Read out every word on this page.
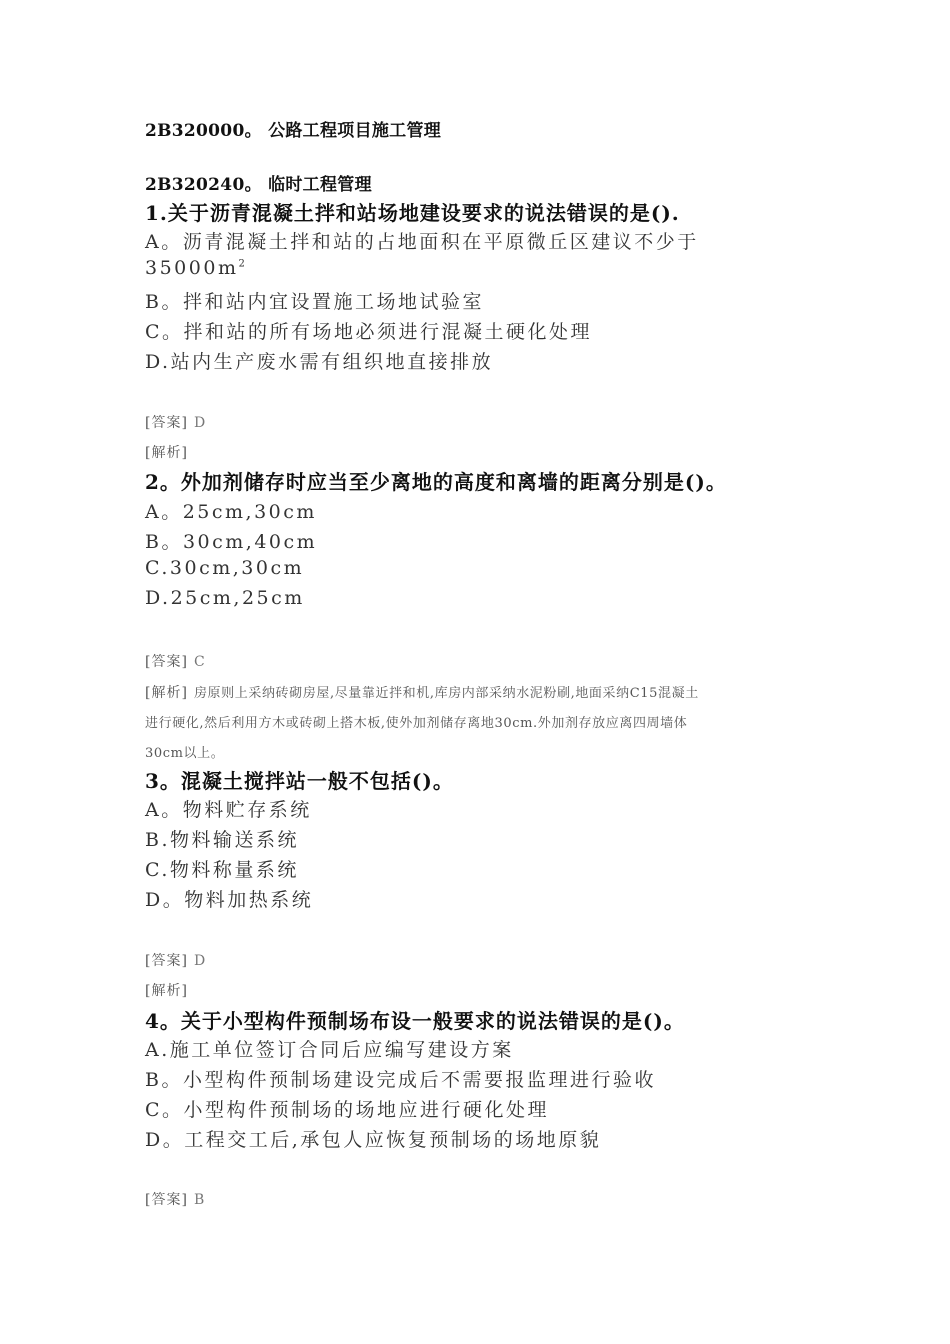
2B320000。 公路工程项目施工管理
2B320240。 临时工程管理
1.关于沥青混凝土拌和站场地建设要求的说法错误的是().
A。沥青混凝土拌和站的占地面积在平原微丘区建议不少于
$35000m^2$
B。拌和站内宜设置施工场地试验室
C。拌和站的所有场地必须进行混凝土硬化处理
D.站内生产废水需有组织地直接排放
[答案] D
[解析]
2。外加剂储存时应当至少离地的高度和离墙的距离分别是()。
A。25cm,30cm
B。30cm,40cm
C.30cm,30cm
D.25cm,25cm
[答案] C
[解析] 房原则上采纳砖砌房屋,尽量靠近拌和机,库房内部采纳水泥粉刷,地面采纳C15混凝土
进行硬化,然后利用方木或砖砌上搭木板,使外加剂储存离地30cm.外加剂存放应离四周墙体
30cm以上。
3。混凝土搅拌站一般不包括()。
A。物料贮存系统
B.物料输送系统
C.物料称量系统
D。物料加热系统
[答案] D
[解析]
4。关于小型构件预制场布设一般要求的说法错误的是()。
A.施工单位签订合同后应编写建设方案
B。小型构件预制场建设完成后不需要报监理进行验收
C。小型构件预制场的场地应进行硬化处理
D。工程交工后,承包人应恢复预制场的场地原貌
[答案] B
